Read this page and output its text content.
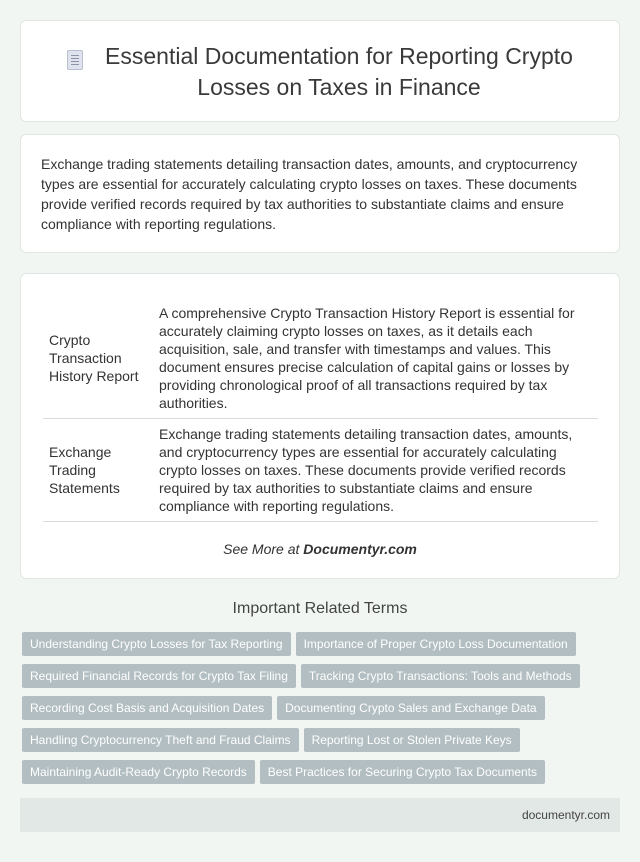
Essential Documentation for Reporting Crypto
Losses on Taxes in Finance

Exchange trading statements detailing transaction dates, amounts, and cryptocurrency types are essential for accurately calculating crypto losses on taxes. These documents provide verified records required by tax authorities to substantiate claims and ensure compliance with reporting regulations.

Crypto Transaction History Report	A comprehensive Crypto Transaction History Report is essential for accurately claiming crypto losses on taxes, as it details each acquisition, sale, and transfer with timestamps and values. This document ensures precise calculation of capital gains or losses by providing chronological proof of all transactions required by tax authorities.
Exchange Trading Statements	Exchange trading statements detailing transaction dates, amounts, and cryptocurrency types are essential for accurately calculating crypto losses on taxes. These documents provide verified records required by tax authorities to substantiate claims and ensure compliance with reporting regulations.
See More at Documentyr.com
Important Related Terms
Understanding Crypto Losses for Tax Reporting Importance of Proper Crypto Loss Documentation
Required Financial Records for Crypto Tax Filing Tracking Crypto Transactions: Tools and Methods
Recording Cost Basis and Acquisition Dates Documenting Crypto Sales and Exchange Data
Handling Cryptocurrency Theft and Fraud Claims Reporting Lost or Stolen Private Keys
Maintaining Audit-Ready Crypto Records Best Practices for Securing Crypto Tax Documents
documentyr.com
